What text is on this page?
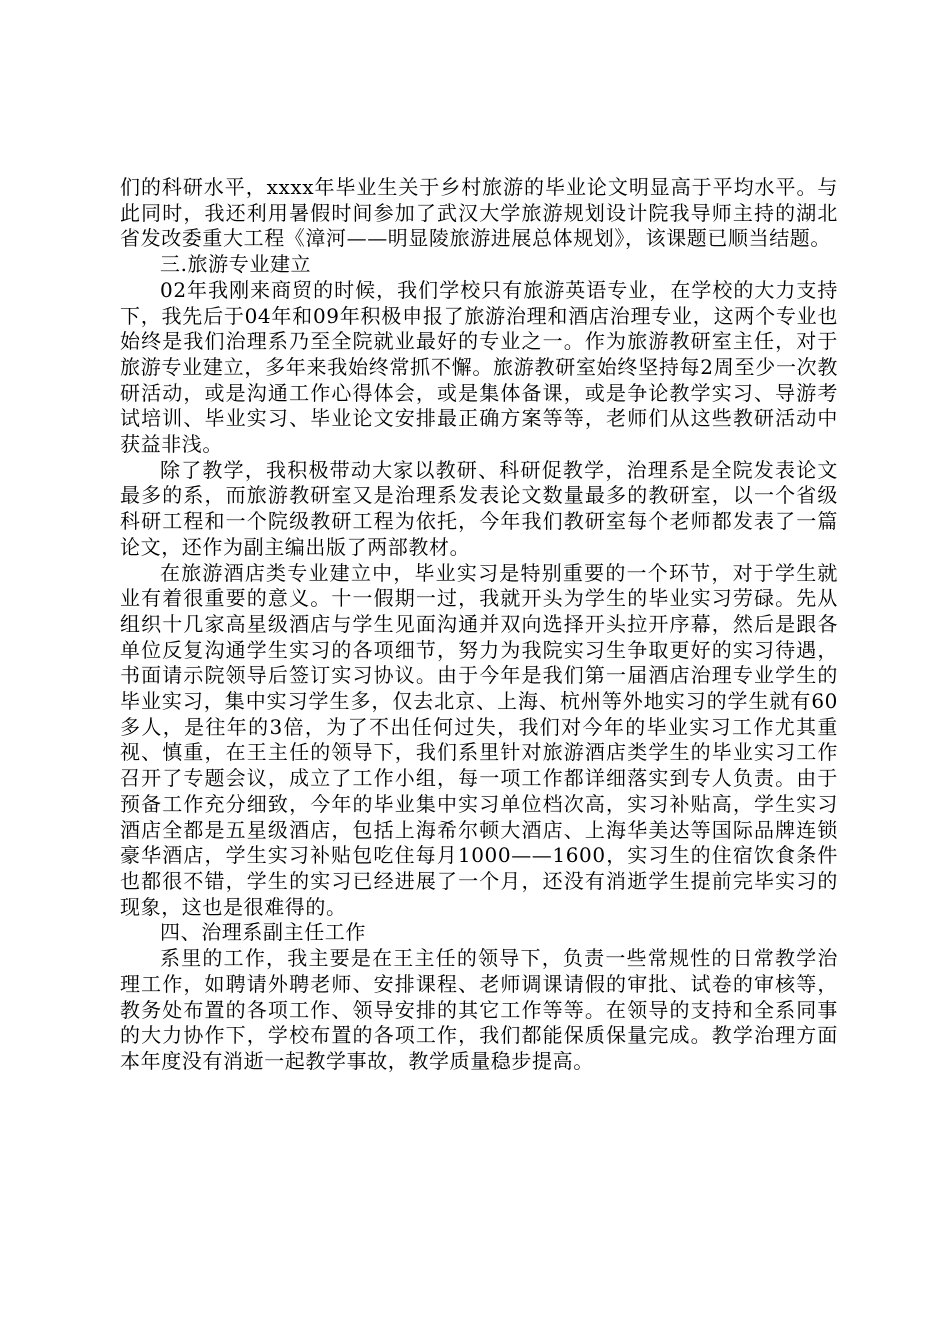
们的科研水平，xxxx年毕业生关于乡村旅游的毕业论文明显高于平均水平。与此同时，我还利用暑假时间参加了武汉大学旅游规划设计院我导师主持的湖北省发改委重大工程《漳河——明显陵旅游进展总体规划》，该课题已顺当结题。

三.旅游专业建立

02年我刚来商贸的时候，我们学校只有旅游英语专业，在学校的大力支持下，我先后于04年和09年积极申报了旅游治理和酒店治理专业，这两个专业也始终是我们治理系乃至全院就业最好的专业之一。作为旅游教研室主任，对于旅游专业建立，多年来我始终常抓不懈。旅游教研室始终坚持每2周至少一次教研活动，或是沟通工作心得体会，或是集体备课，或是争论教学实习、导游考试培训、毕业实习、毕业论文安排最正确方案等等，老师们从这些教研活动中获益非浅。

除了教学，我积极带动大家以教研、科研促教学，治理系是全院发表论文最多的系，而旅游教研室又是治理系发表论文数量最多的教研室，以一个省级科研工程和一个院级教研工程为依托，今年我们教研室每个老师都发表了一篇论文，还作为副主编出版了两部教材。

在旅游酒店类专业建立中，毕业实习是特别重要的一个环节，对于学生就业有着很重要的意义。十一假期一过，我就开头为学生的毕业实习劳碌。先从组织十几家高星级酒店与学生见面沟通并双向选择开头拉开序幕，然后是跟各单位反复沟通学生实习的各项细节，努力为我院实习生争取更好的实习待遇，书面请示院领导后签订实习协议。由于今年是我们第一届酒店治理专业学生的毕业实习，集中实习学生多，仅去北京、上海、杭州等外地实习的学生就有60多人，是往年的3倍，为了不出任何过失，我们对今年的毕业实习工作尤其重视、慎重，在王主任的领导下，我们系里针对旅游酒店类学生的毕业实习工作召开了专题会议，成立了工作小组，每一项工作都详细落实到专人负责。由于预备工作充分细致，今年的毕业集中实习单位档次高，实习补贴高，学生实习酒店全都是五星级酒店，包括上海希尔顿大酒店、上海华美达等国际品牌连锁豪华酒店，学生实习补贴包吃住每月1000——1600，实习生的住宿饮食条件也都很不错，学生的实习已经进展了一个月，还没有消逝学生提前完毕实习的现象，这也是很难得的。

四、治理系副主任工作

系里的工作，我主要是在王主任的领导下，负责一些常规性的日常教学治理工作，如聘请外聘老师、安排课程、老师调课请假的审批、试卷的审核等，教务处布置的各项工作、领导安排的其它工作等等。在领导的支持和全系同事的大力协作下，学校布置的各项工作，我们都能保质保量完成。教学治理方面本年度没有消逝一起教学事故，教学质量稳步提高。
